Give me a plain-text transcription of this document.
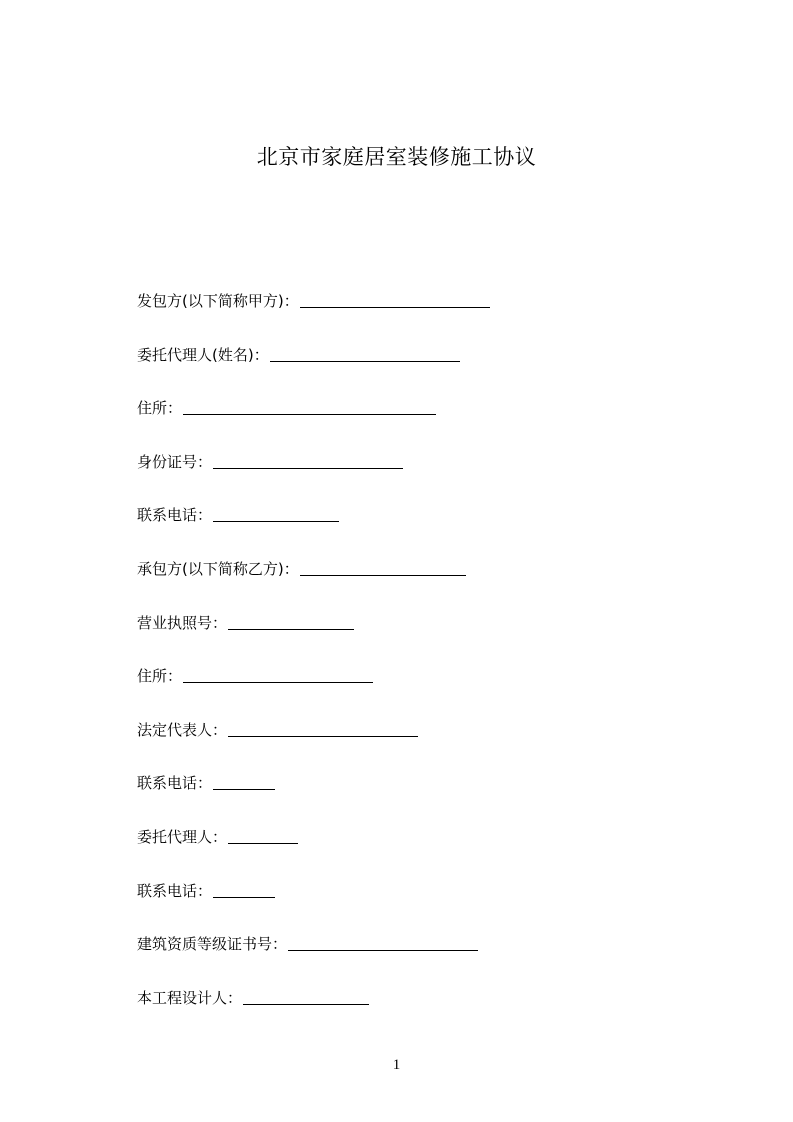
北京市家庭居室装修施工协议
发包方(以下简称甲方)：
委托代理人(姓名)：
住所：
身份证号：
联系电话：
承包方(以下简称乙方)：
营业执照号：
住所：
法定代表人：
联系电话：
委托代理人：
联系电话：
建筑资质等级证书号：
本工程设计人：
1
